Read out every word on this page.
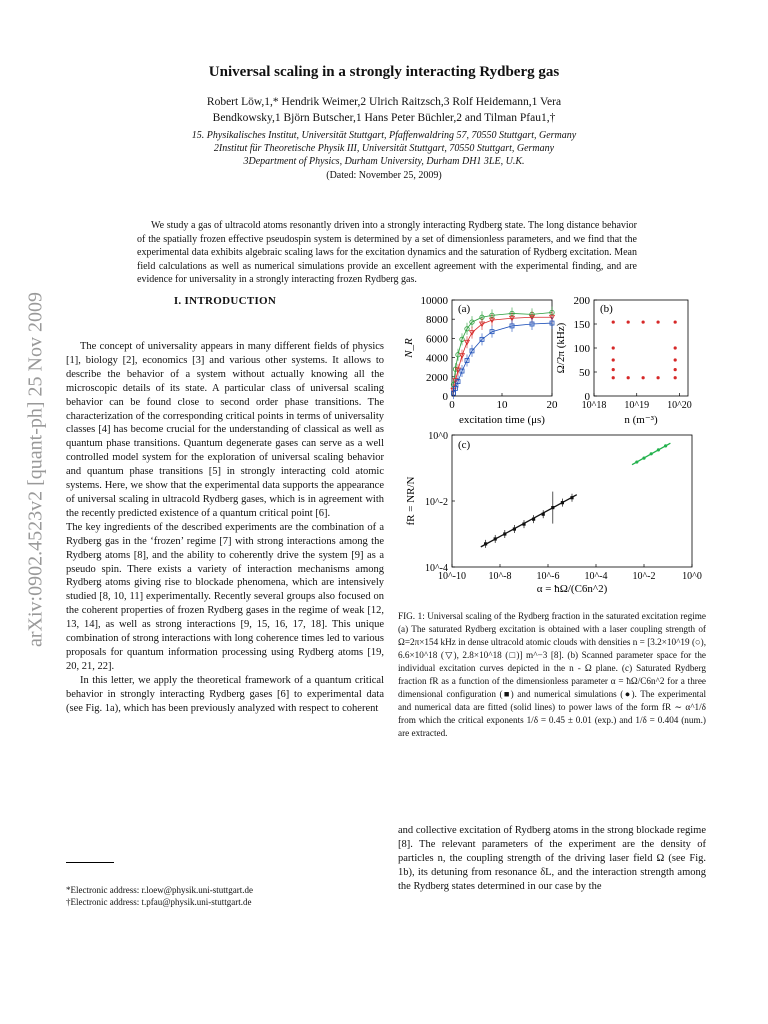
Universal scaling in a strongly interacting Rydberg gas
Robert Löw,1,* Hendrik Weimer,2 Ulrich Raitzsch,3 Rolf Heidemann,1 Vera
Bendkowsky,1 Björn Butscher,1 Hans Peter Büchler,2 and Tilman Pfau1,†
15. Physikalisches Institut, Universität Stuttgart, Pfaffenwaldring 57, 70550 Stuttgart, Germany
2Institut für Theoretische Physik III, Universität Stuttgart, 70550 Stuttgart, Germany
3Department of Physics, Durham University, Durham DH1 3LE, U.K.
(Dated: November 25, 2009)
We study a gas of ultracold atoms resonantly driven into a strongly interacting Rydberg state. The long distance behavior of the spatially frozen effective pseudospin system is determined by a set of dimensionless parameters, and we find that the experimental data exhibits algebraic scaling laws for the excitation dynamics and the saturation of Rydberg excitation. Mean field calculations as well as numerical simulations provide an excellent agreement with the experimental finding, and are evidence for universality in a strongly interacting frozen Rydberg gas.
arXiv:0902.4523v2 [quant-ph] 25 Nov 2009	I. INTRODUCTION

The concept of universality appears in many different fields of physics [1], biology [2], economics [3] and various other systems. It allows to describe the behavior of a system without actually knowing all the microscopic details of its state. A particular class of universal scaling behavior can be found close to second order phase transitions. The characterization of the corresponding critical points in terms of universality classes [4] has become crucial for the understanding of classical as well as quantum phase transitions. Quantum degenerate gases can serve as a well controlled model system for the exploration of universal scaling behavior and quantum phase transitions [5] in strongly interacting cold atomic systems. Here, we show that the experimental data supports the appearance of universal scaling in ultracold Rydberg gases, which is in agreement with the recently predicted existence of a quantum critical point [6].

The key ingredients of the described experiments are the combination of a Rydberg gas in the ‘frozen’ regime [7] with strong interactions among the Rydberg atoms [8], and the ability to coherently drive the system [9] as a pseudo spin. There exists a variety of interaction mechanisms among Rydberg atoms giving rise to blockade phenomena, which are intensively studied [8, 10, 11] experimentally. Recently several groups also focused on the coherent properties of frozen Rydberg gases in the regime of weak [12, 13, 14], as well as strong interactions [9, 15, 16, 17, 18]. This unique combination of strong interactions with long coherence times led to various proposals for quantum information processing using Rydberg atoms [19, 20, 21, 22].

In this letter, we apply the theoretical framework of a quantum critical behavior in strongly interacting Rydberg gases [6] to experimental data (see Fig. 1a), which has been previously analyzed with respect to coherent

*Electronic address: r.loew@physik.uni-stuttgart.de
†Electronic address: t.pfau@physik.uni-stuttgart.de
(a)
excitation time (μs)
N_R
0	10	20
0
2000
4000
6000
8000
10000
(b)
n (m⁻³)
Ω/2π (kHz)
10^18 10^19 10^20
0
50
100
150
200
(c)
α = ħΩ/(C6n^2)
fR = NR/N
10^-10 10^-8 10^-6 10^-4 10^-2	10^0
10^-4
10^-2
10^0
FIG. 1: Universal scaling of the Rydberg fraction in the saturated excitation regime (a) The saturated Rydberg excitation is obtained with a laser coupling strength of Ω=2π×154 kHz in dense ultracold atomic clouds with densities n = [3.2×10^19 (○), 6.6×10^18 (▽), 2.8×10^18 (□)] m^−3 [8]. (b) Scanned parameter space for the individual excitation curves depicted in the n - Ω plane. (c) Saturated Rydberg fraction fR as a function of the dimensionless parameter α = ħΩ/C6n^2 for a three dimensional configuration (■) and numerical simulations (●). The experimental and numerical data are fitted (solid lines) to power laws of the form fR ∼ α^1/δ from which the critical exponents 1/δ = 0.45 ± 0.01 (exp.) and 1/δ = 0.404 (num.) are extracted.

and collective excitation of Rydberg atoms in the strong blockade regime [8]. The relevant parameters of the experiment are the density of particles n, the coupling strength of the driving laser field Ω (see Fig. 1b), its detuning from resonance δL, and the interaction strength among the Rydberg states determined in our case by the
